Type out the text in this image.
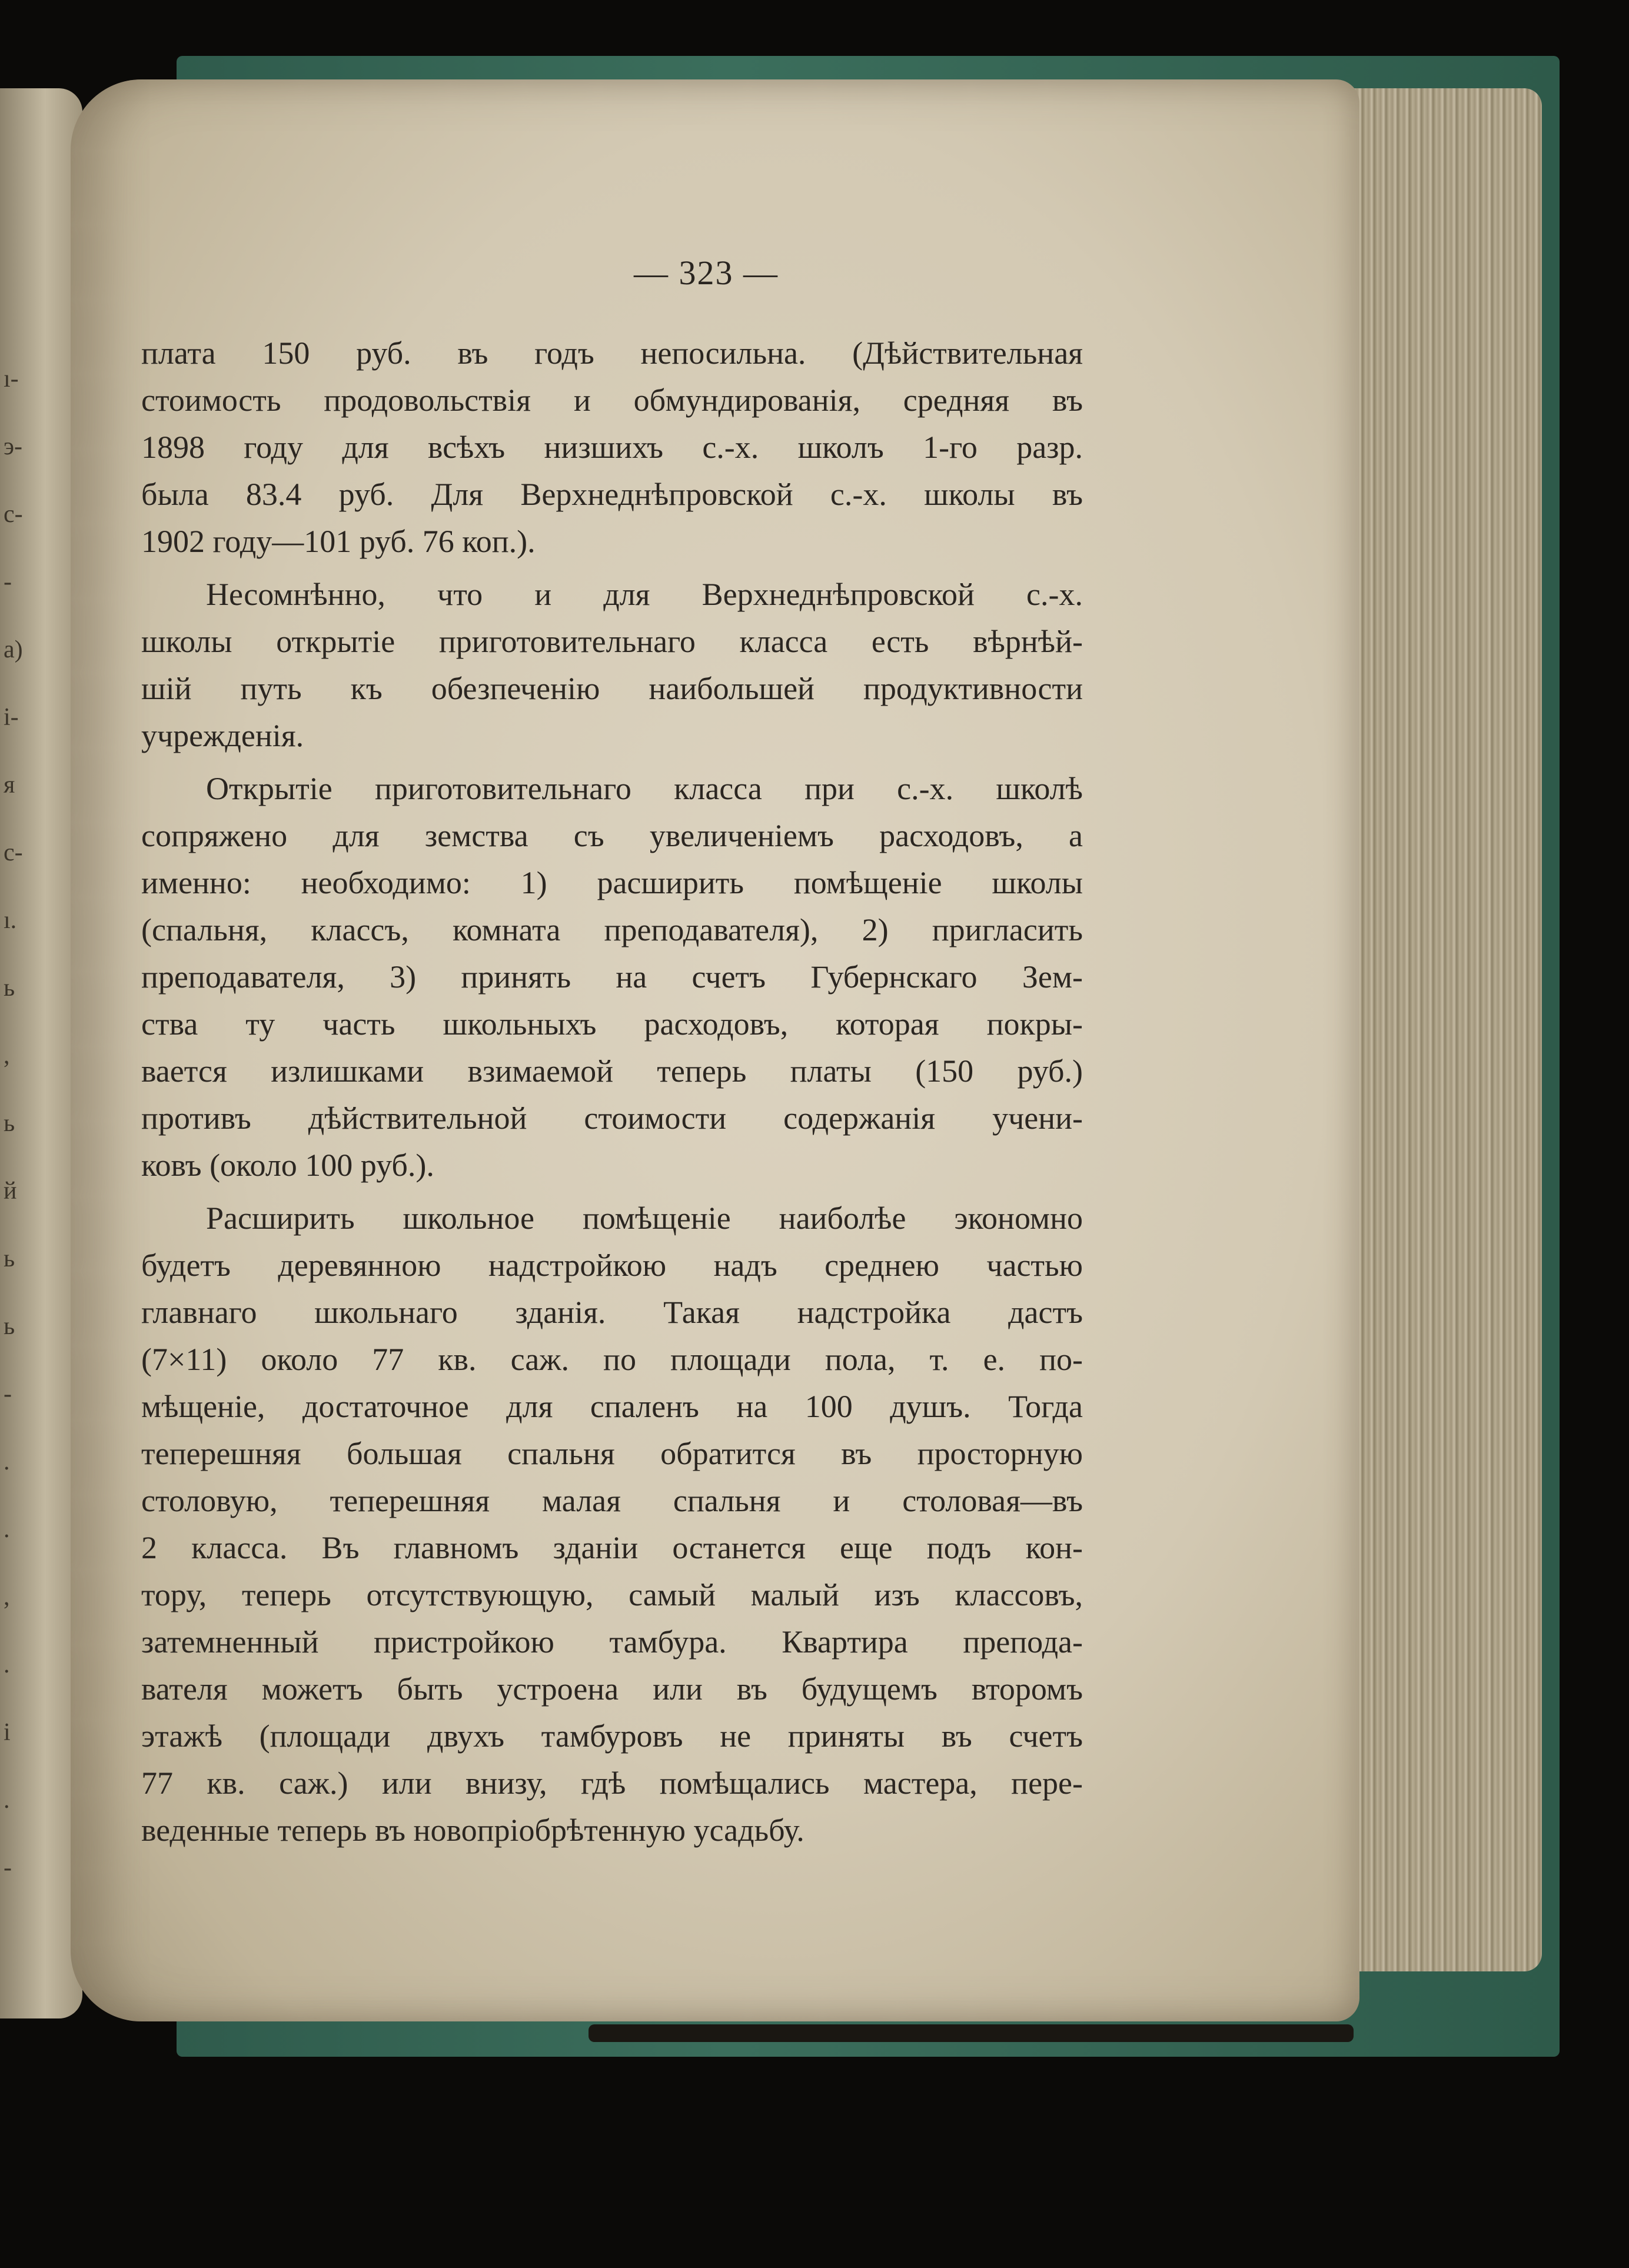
ı-
э-
с-
-
a)
і-
я
с-
ı.
ь
,
ь
й
ь
ь
-
.
.
,
.
і
.
-

— 323 —

плата 150 руб. въ годъ непосильна. (Дѣйствительная
стоимость продовольствія и обмундированія, средняя въ
1898 году для всѣхъ низшихъ с.-х. школъ 1-го разр.
была 83.4 руб. Для Верхнеднѣпровской с.-х. школы въ
1902 году—101 руб. 76 коп.).
Несомнѣнно, что и для Верхнеднѣпровской с.-х.
школы открытіе приготовительнаго класса есть вѣрнѣй-
шій путь къ обезпеченію наибольшей продуктивности
учрежденія.
Открытіе приготовительнаго класса при с.-х. школѣ
сопряжено для земства съ увеличеніемъ расходовъ, а
именно: необходимо: 1) расширить помѣщеніе школы
(спальня, классъ, комната преподавателя), 2) пригласить
преподавателя, 3) принять на счетъ Губернскаго Зем-
ства ту часть школьныхъ расходовъ, которая покры-
вается излишками взимаемой теперь платы (150 руб.)
противъ дѣйствительной стоимости содержанія учени-
ковъ (около 100 руб.).
Расширить школьное помѣщеніе наиболѣе экономно
будетъ деревянною надстройкою надъ среднею частью
главнаго школьнаго зданія. Такая надстройка дастъ
(7×11) около 77 кв. саж. по площади пола, т. е. по-
мѣщеніе, достаточное для спаленъ на 100 душъ. Тогда
теперешняя большая спальня обратится въ просторную
столовую, теперешняя малая спальня и столовая—въ
2 класса. Въ главномъ зданіи останется еще подъ кон-
тору, теперь отсутствующую, самый малый изъ классовъ,
затемненный пристройкою тамбура. Квартира препода-
вателя можетъ быть устроена или въ будущемъ второмъ
этажѣ (площади двухъ тамбуровъ не приняты въ счетъ
77 кв. саж.) или внизу, гдѣ помѣщались мастера, пере-
веденные теперь въ новопріобрѣтенную усадьбу.
